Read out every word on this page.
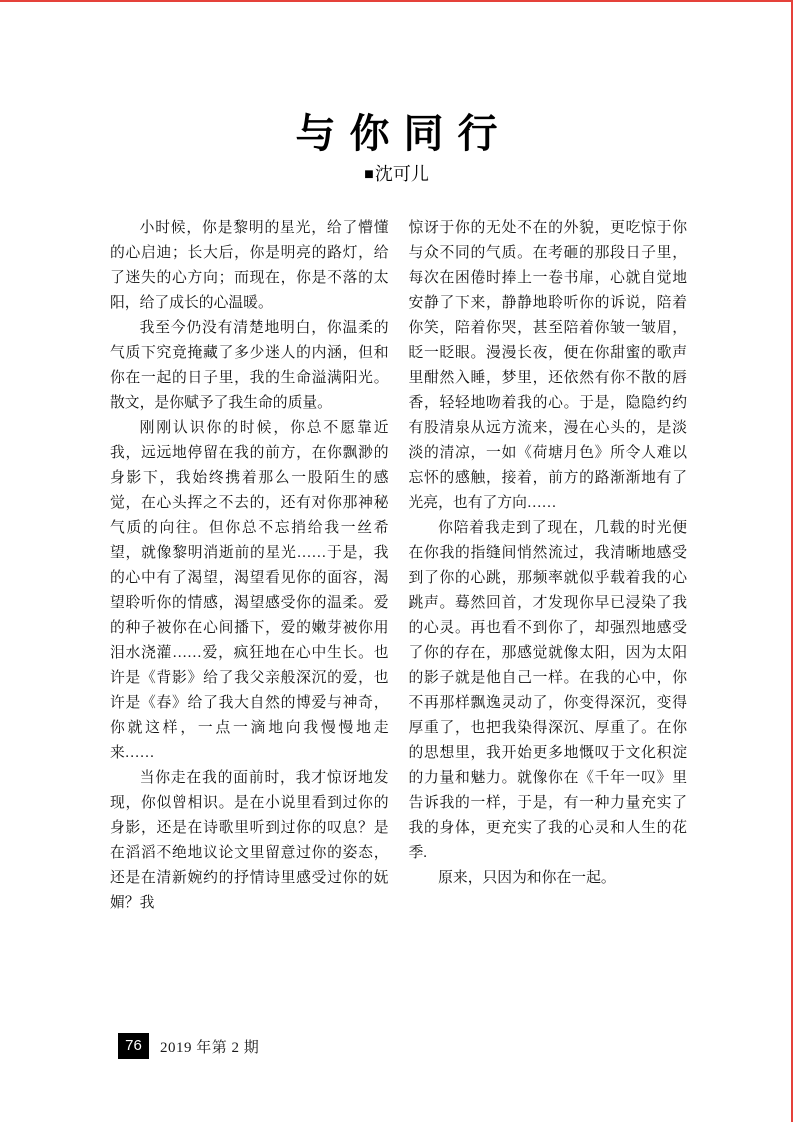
与你同行
■沈可儿

小时候，你是黎明的星光，给了懵懂的心启迪；长大后，你是明亮的路灯，给了迷失的心方向；而现在，你是不落的太阳，给了成长的心温暖。

我至今仍没有清楚地明白，你温柔的气质下究竟掩藏了多少迷人的内涵，但和你在一起的日子里，我的生命溢满阳光。散文，是你赋予了我生命的质量。

刚刚认识你的时候，你总不愿靠近我，远远地停留在我的前方，在你飘渺的身影下，我始终携着那么一股陌生的感觉，在心头挥之不去的，还有对你那神秘气质的向往。但你总不忘捎给我一丝希望，就像黎明消逝前的星光……于是，我的心中有了渴望，渴望看见你的面容，渴望聆听你的情感，渴望感受你的温柔。爱的种子被你在心间播下，爱的嫩芽被你用泪水浇灌……爱，疯狂地在心中生长。也许是《背影》给了我父亲般深沉的爱，也许是《春》给了我大自然的博爱与神奇，你就这样，一点一滴地向我慢慢地走来……

当你走在我的面前时，我才惊讶地发现，你似曾相识。是在小说里看到过你的身影，还是在诗歌里听到过你的叹息？是在滔滔不绝地议论文里留意过你的姿态，还是在清新婉约的抒情诗里感受过你的妩媚？我

惊讶于你的无处不在的外貌，更吃惊于你与众不同的气质。在考砸的那段日子里，每次在困倦时捧上一卷书扉，心就自觉地安静了下来，静静地聆听你的诉说，陪着你笑，陪着你哭，甚至陪着你皱一皱眉，眨一眨眼。漫漫长夜，便在你甜蜜的歌声里酣然入睡，梦里，还依然有你不散的唇香，轻轻地吻着我的心。于是，隐隐约约有股清泉从远方流来，漫在心头的，是淡淡的清凉，一如《荷塘月色》所令人难以忘怀的感触，接着，前方的路渐渐地有了光亮，也有了方向……

你陪着我走到了现在，几载的时光便在你我的指缝间悄然流过，我清晰地感受到了你的心跳，那频率就似乎载着我的心跳声。蓦然回首，才发现你早已浸染了我的心灵。再也看不到你了，却强烈地感受了你的存在，那感觉就像太阳，因为太阳的影子就是他自己一样。在我的心中，你不再那样飘逸灵动了，你变得深沉，变得厚重了，也把我染得深沉、厚重了。在你的思想里，我开始更多地慨叹于文化积淀的力量和魅力。就像你在《千年一叹》里告诉我的一样，于是，有一种力量充实了我的身体，更充实了我的心灵和人生的花季.

原来，只因为和你在一起。

76	2019 年第 2 期
